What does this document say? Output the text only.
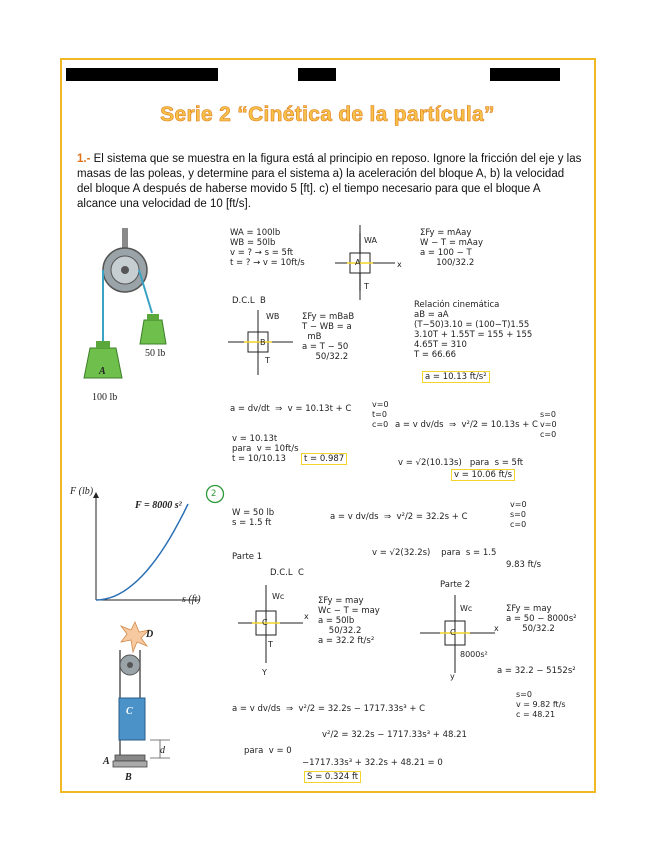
Serie 2 “Cinética de la partícula”
1.- El sistema que se muestra en la figura está al principio en reposo. Ignore la fricción del eje y las masas de las poleas, y determine para el sistema a) la aceleración del bloque A, b) la velocidad del bloque A después de haberse movido 5 [ft]. c) el tiempo necesario para que el bloque A alcance una velocidad de 10 [ft/s].
A
100 lb
50 lb
WA = 100lb
WB = 50lb
v = ? → s = 5ft
t = ? → v = 10ft/s
WA
T
A	x
ΣFy = mAay
W − T = mAay
a = 100 − T
100/32.2
D.C.L  B
WB
B
T
ΣFy = mBaB
T − WB = a
mB
a = T − 50
50/32.2
Relación cinemática
aB = aA
(T−50)3.10 = (100−T)1.55
3.10T + 1.55T = 155 + 155
4.65T = 310
T = 66.66
a = 10.13 ft/s²
a = dv/dt  ⇒  v = 10.13t + C	v=0
t=0
c=0
v = 10.13t
para  v = 10ft/s
t = 10/10.13	t = 0.987
a = v dv/ds  ⇒  v²/2 = 10.13s + C
s=0
v=0
c=0
v = √2(10.13s)   para  s = 5ft
v = 10.06 ft/s
2
F (lb)
F = 8000 s²
s (ft)
D
C
d
A
B
W = 50 lb
s = 1.5 ft
a = v dv/ds  ⇒  v²/2 = 32.2s + C
v=0
s=0
c=0
v = √2(32.2s)    para  s = 1.5
9.83 ft/s
Parte 1
D.C.L  C
Wc
C
T
Y
x
ΣFy = may
Wc − T = may
a = 50lb
50/32.2
a = 32.2 ft/s²
Parte 2
Wc
C
8000s²
y
x
ΣFy = may
a = 50 − 8000s²
50/32.2
a = 32.2 − 5152s²
a = v dv/ds  ⇒  v²/2 = 32.2s − 1717.33s³ + C
s=0
v = 9.82 ft/s
c = 48.21
v²/2 = 32.2s − 1717.33s³ + 48.21
para  v = 0
−1717.33s³ + 32.2s + 48.21 = 0
S = 0.324 ft
